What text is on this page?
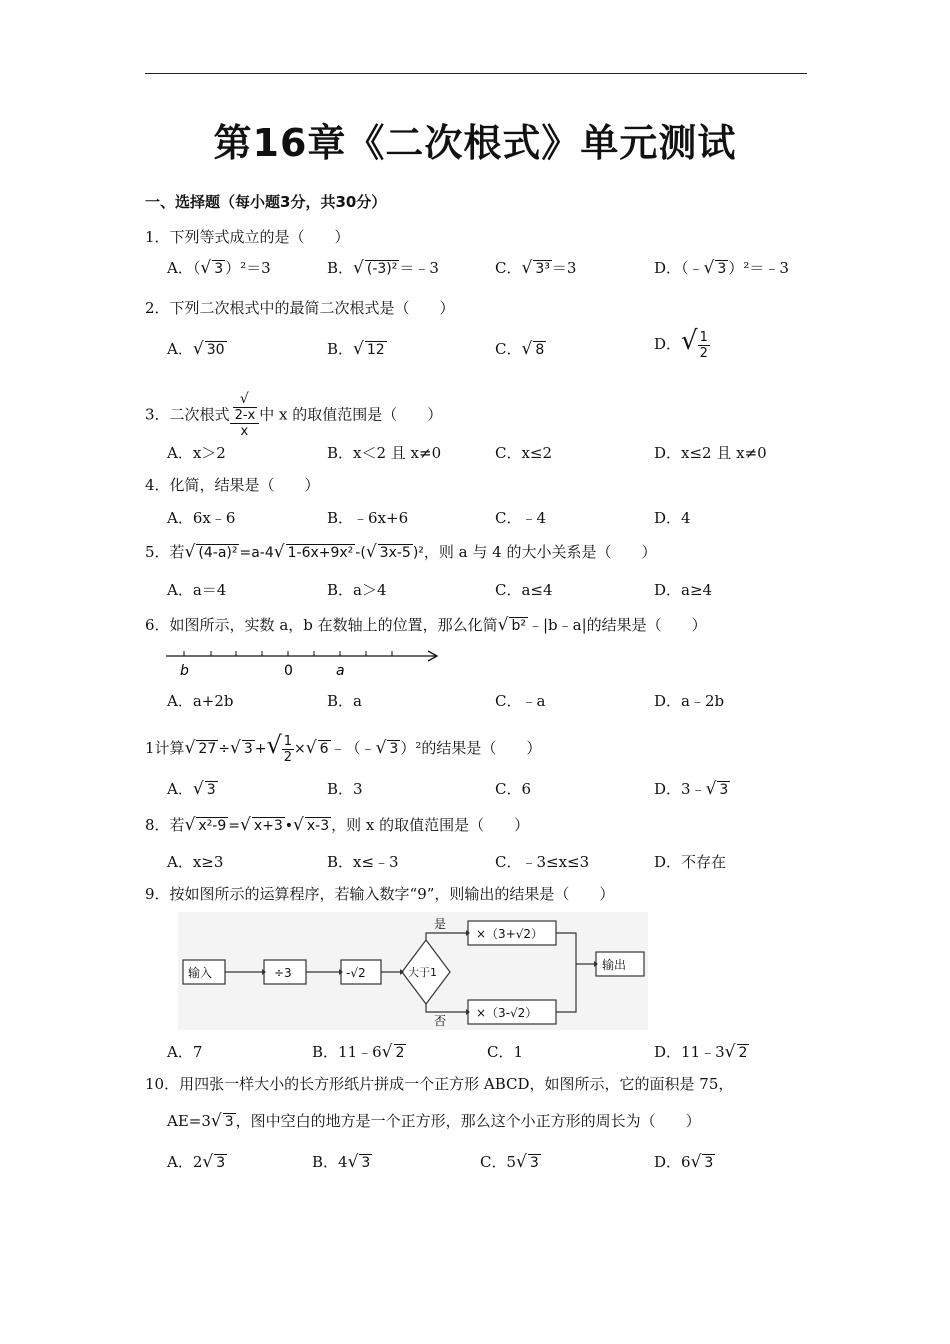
第16章《二次根式》单元测试
一、选择题（每小题3分，共30分）
1．下列等式成立的是（　　）
A．（√ 3 ）²＝3	B．√ (-3)² ＝﹣3	C．√ 3³ ＝3	D．（﹣√ 3 ）²＝﹣3
2．下列二次根式中的最简二次根式是（　　）
A．√ 30	B．√ 12	C．√ 8	D．√ $\frac{1}{2}$
3．二次根式 √
2-x
x 中 x 的取值范围是（　　）
A．x＞2	B．x＜2 且 x≠0	C．x≤2	D．x≤2 且 x≠0
4．化简，结果是（　　）
A．6x﹣6	B．﹣6x+6	C．﹣4	D．4
5．若√ (4-a)² =a-4√ 1-6x+9x² -(√ 3x-5 )²，则 a 与 4 的大小关系是（　　）
A．a＝4	B．a＞4	C．a≤4	D．a≥4
6．如图所示，实数 a，b 在数轴上的位置，那么化简√ b² ﹣|b﹣a|的结果是（　　）
b	0	a
A．a+2b	B．a	C．﹣a	D．a﹣2b
1计算√ 27 ÷√ 3 +√ $\frac{1}{2}$ ×√ 6 ﹣（﹣√ 3 ）²的结果是（　　）
A．√ 3	B．3	C．6	D．3﹣√ 3
8．若√ x²-9 =√ x+3 •√ x-3 ，则 x 的取值范围是（　　）
A．x≥3	B．x≤﹣3	C．﹣3≤x≤3	D．不存在
9．按如图所示的运算程序，若输入数字“9”，则输出的结果是（　　）
输入	÷3	-√2	大于1
是
否
×（3+√2）
×（3-√2）
输出
A．7	B．11﹣6√ 2	C．1	D．11﹣3√ 2
10．用四张一样大小的长方形纸片拼成一个正方形 ABCD，如图所示，它的面积是 75，
AE=3√ 3 ，图中空白的地方是一个正方形，那么这个小正方形的周长为（　　）
A．2√ 3	B．4√ 3	C．5√ 3	D．6√ 3
